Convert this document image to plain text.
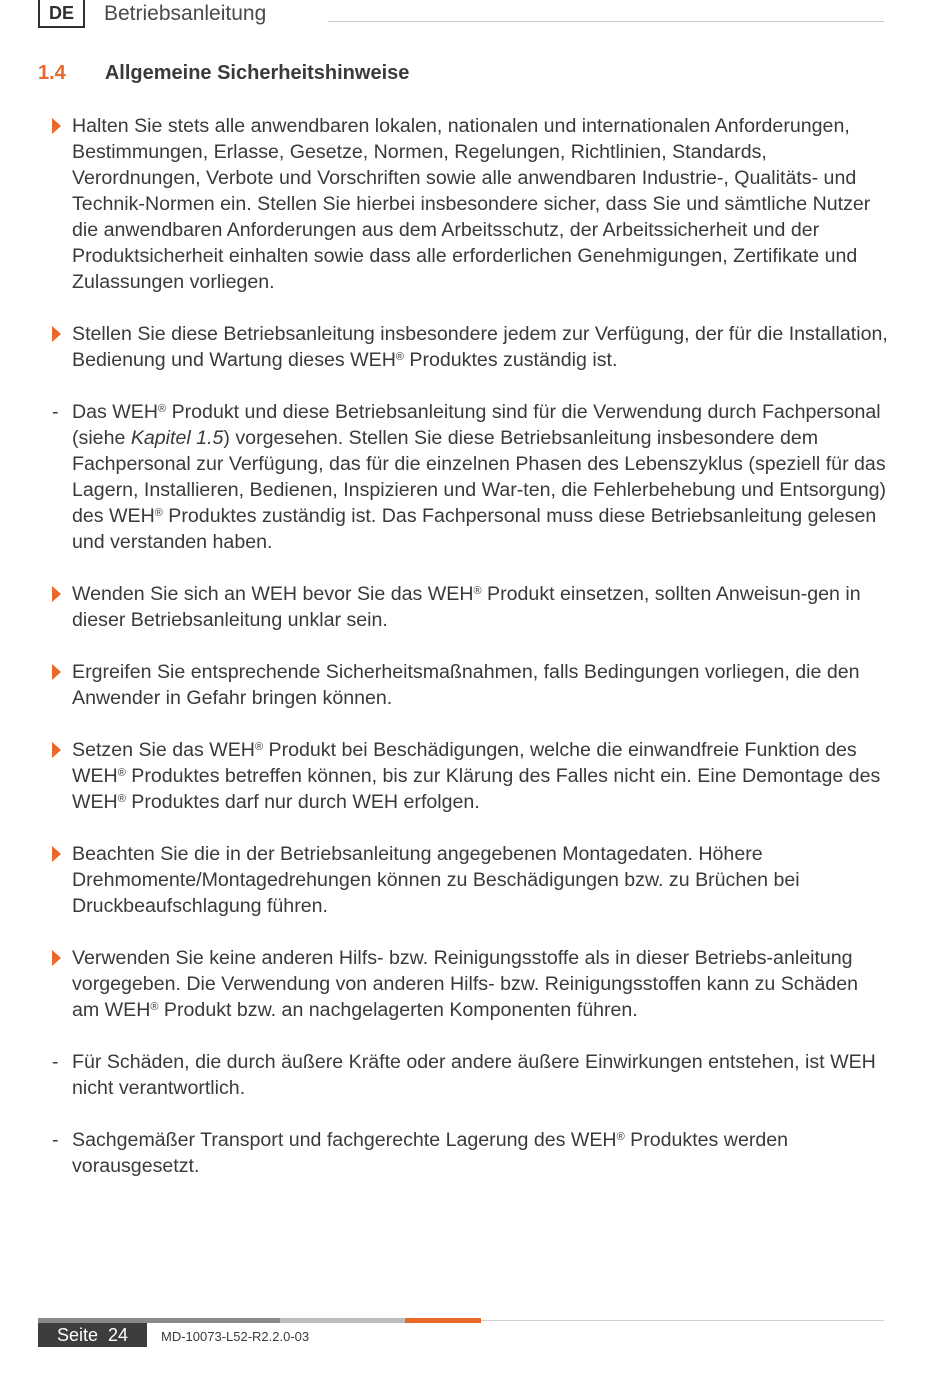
DE	Betriebsanleitung
1.4 Allgemeine Sicherheitshinweise
Halten Sie stets alle anwendbaren lokalen, nationalen und internationalen Anforderungen, Bestimmungen, Erlasse, Gesetze, Normen, Regelungen, Richtlinien, Standards, Verordnungen, Verbote und Vorschriften sowie alle anwendbaren Industrie-, Qualitäts- und Technik-Normen ein. Stellen Sie hierbei insbesondere sicher, dass Sie und sämtliche Nutzer die anwendbaren Anforderungen aus dem Arbeitsschutz, der Arbeitssicherheit und der Produktsicherheit einhalten sowie dass alle erforderlichen Genehmigungen, Zertifikate und Zulassungen vorliegen.
Stellen Sie diese Betriebsanleitung insbesondere jedem zur Verfügung, der für die Installation, Bedienung und Wartung dieses WEH® Produktes zuständig ist.
- Das WEH® Produkt und diese Betriebsanleitung sind für die Verwendung durch Fachpersonal (siehe Kapitel 1.5) vorgesehen. Stellen Sie diese Betriebsanleitung insbesondere dem Fachpersonal zur Verfügung, das für die einzelnen Phasen des Lebenszyklus (speziell für das Lagern, Installieren, Bedienen, Inspizieren und War-ten, die Fehlerbehebung und Entsorgung) des WEH® Produktes zuständig ist. Das Fachpersonal muss diese Betriebsanleitung gelesen und verstanden haben.
Wenden Sie sich an WEH bevor Sie das WEH® Produkt einsetzen, sollten Anweisun-gen in dieser Betriebsanleitung unklar sein.
Ergreifen Sie entsprechende Sicherheitsmaßnahmen, falls Bedingungen vorliegen, die den Anwender in Gefahr bringen können.
Setzen Sie das WEH® Produkt bei Beschädigungen, welche die einwandfreie Funktion des WEH® Produktes betreffen können, bis zur Klärung des Falles nicht ein. Eine Demontage des WEH® Produktes darf nur durch WEH erfolgen.
Beachten Sie die in der Betriebsanleitung angegebenen Montagedaten. Höhere Drehmomente/Montagedrehungen können zu Beschädigungen bzw. zu Brüchen bei Druckbeaufschlagung führen.
Verwenden Sie keine anderen Hilfs- bzw. Reinigungsstoffe als in dieser Betriebs-anleitung vorgegeben. Die Verwendung von anderen Hilfs- bzw. Reinigungsstoffen kann zu Schäden am WEH® Produkt bzw. an nachgelagerten Komponenten führen.
- Für Schäden, die durch äußere Kräfte oder andere äußere Einwirkungen entstehen, ist WEH nicht verantwortlich.
- Sachgemäßer Transport und fachgerechte Lagerung des WEH® Produktes werden vorausgesetzt.
Seite 24	MD-10073-L52-R2.2.0-03
